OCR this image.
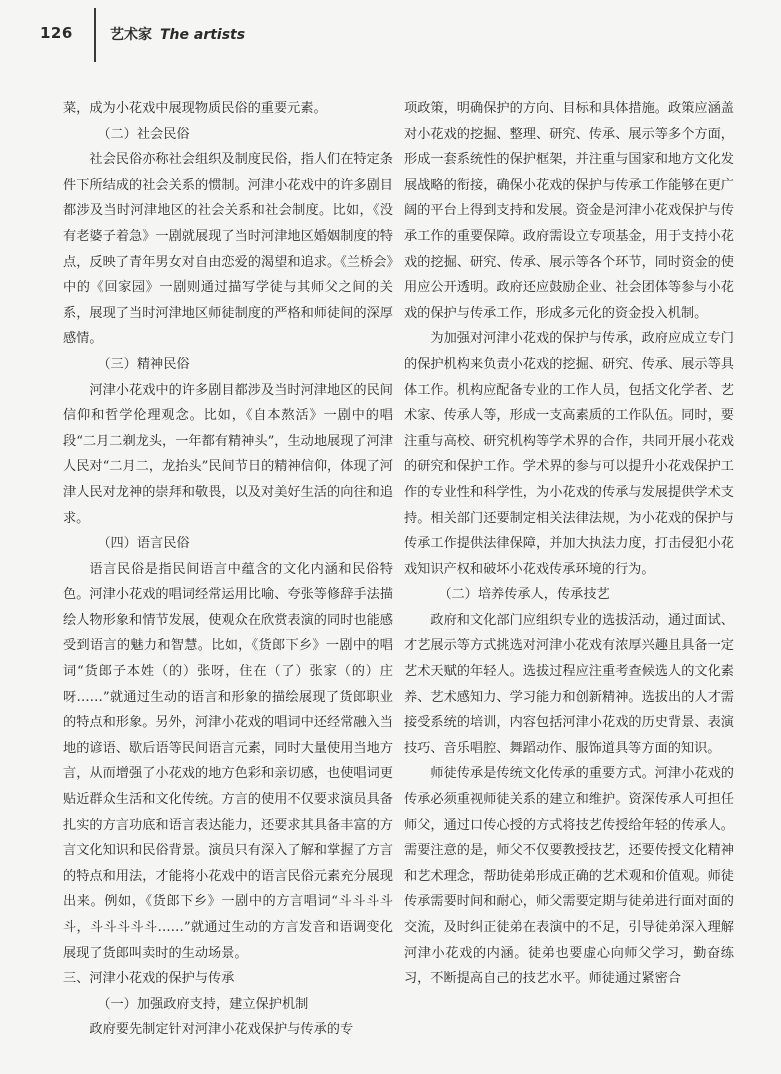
126	艺术家 The artists

菜，成为小花戏中展现物质民俗的重要元素。

（二）社会民俗

社会民俗亦称社会组织及制度民俗，指人们在特定条件下所结成的社会关系的惯制。河津小花戏中的许多剧目都涉及当时河津地区的社会关系和社会制度。比如，《没有老婆子着急》一剧就展现了当时河津地区婚姻制度的特点，反映了青年男女对自由恋爱的渴望和追求。《兰桥会》中的《回家园》一剧则通过描写学徒与其师父之间的关系，展现了当时河津地区师徒制度的严格和师徒间的深厚感情。

（三）精神民俗

河津小花戏中的许多剧目都涉及当时河津地区的民间信仰和哲学伦理观念。比如，《自本熬活》一剧中的唱段“二月二剃龙头，一年都有精神头”，生动地展现了河津人民对“二月二，龙抬头”民间节日的精神信仰，体现了河津人民对龙神的崇拜和敬畏，以及对美好生活的向往和追求。

（四）语言民俗

语言民俗是指民间语言中蕴含的文化内涵和民俗特色。河津小花戏的唱词经常运用比喻、夸张等修辞手法描绘人物形象和情节发展，使观众在欣赏表演的同时也能感受到语言的魅力和智慧。比如，《货郎下乡》一剧中的唱词“货郎子本姓（的）张呀，住在（了）张家（的）庄呀……”就通过生动的语言和形象的描绘展现了货郎职业的特点和形象。另外，河津小花戏的唱词中还经常融入当地的谚语、歇后语等民间语言元素，同时大量使用当地方言，从而增强了小花戏的地方色彩和亲切感，也使唱词更贴近群众生活和文化传统。方言的使用不仅要求演员具备扎实的方言功底和语言表达能力，还要求其具备丰富的方言文化知识和民俗背景。演员只有深入了解和掌握了方言的特点和用法，才能将小花戏中的语言民俗元素充分展现出来。例如，《货郎下乡》一剧中的方言唱词“斗斗斗斗斗，斗斗斗斗斗……”就通过生动的方言发音和语调变化展现了货郎叫卖时的生动场景。

三、河津小花戏的保护与传承

（一）加强政府支持，建立保护机制

政府要先制定针对河津小花戏保护与传承的专

项政策，明确保护的方向、目标和具体措施。政策应涵盖对小花戏的挖掘、整理、研究、传承、展示等多个方面，形成一套系统性的保护框架，并注重与国家和地方文化发展战略的衔接，确保小花戏的保护与传承工作能够在更广阔的平台上得到支持和发展。资金是河津小花戏保护与传承工作的重要保障。政府需设立专项基金，用于支持小花戏的挖掘、研究、传承、展示等各个环节，同时资金的使用应公开透明。政府还应鼓励企业、社会团体等参与小花戏的保护与传承工作，形成多元化的资金投入机制。

为加强对河津小花戏的保护与传承，政府应成立专门的保护机构来负责小花戏的挖掘、研究、传承、展示等具体工作。机构应配备专业的工作人员，包括文化学者、艺术家、传承人等，形成一支高素质的工作队伍。同时，要注重与高校、研究机构等学术界的合作，共同开展小花戏的研究和保护工作。学术界的参与可以提升小花戏保护工作的专业性和科学性，为小花戏的传承与发展提供学术支持。相关部门还要制定相关法律法规，为小花戏的保护与传承工作提供法律保障，并加大执法力度，打击侵犯小花戏知识产权和破坏小花戏传承环境的行为。

（二）培养传承人，传承技艺

政府和文化部门应组织专业的选拔活动，通过面试、才艺展示等方式挑选对河津小花戏有浓厚兴趣且具备一定艺术天赋的年轻人。选拔过程应注重考查候选人的文化素养、艺术感知力、学习能力和创新精神。选拔出的人才需接受系统的培训，内容包括河津小花戏的历史背景、表演技巧、音乐唱腔、舞蹈动作、服饰道具等方面的知识。

师徒传承是传统文化传承的重要方式。河津小花戏的传承必须重视师徒关系的建立和维护。资深传承人可担任师父，通过口传心授的方式将技艺传授给年轻的传承人。需要注意的是，师父不仅要教授技艺，还要传授文化精神和艺术理念，帮助徒弟形成正确的艺术观和价值观。师徒传承需要时间和耐心，师父需要定期与徒弟进行面对面的交流，及时纠正徒弟在表演中的不足，引导徒弟深入理解河津小花戏的内涵。徒弟也要虚心向师父学习，勤奋练习，不断提高自己的技艺水平。师徒通过紧密合
